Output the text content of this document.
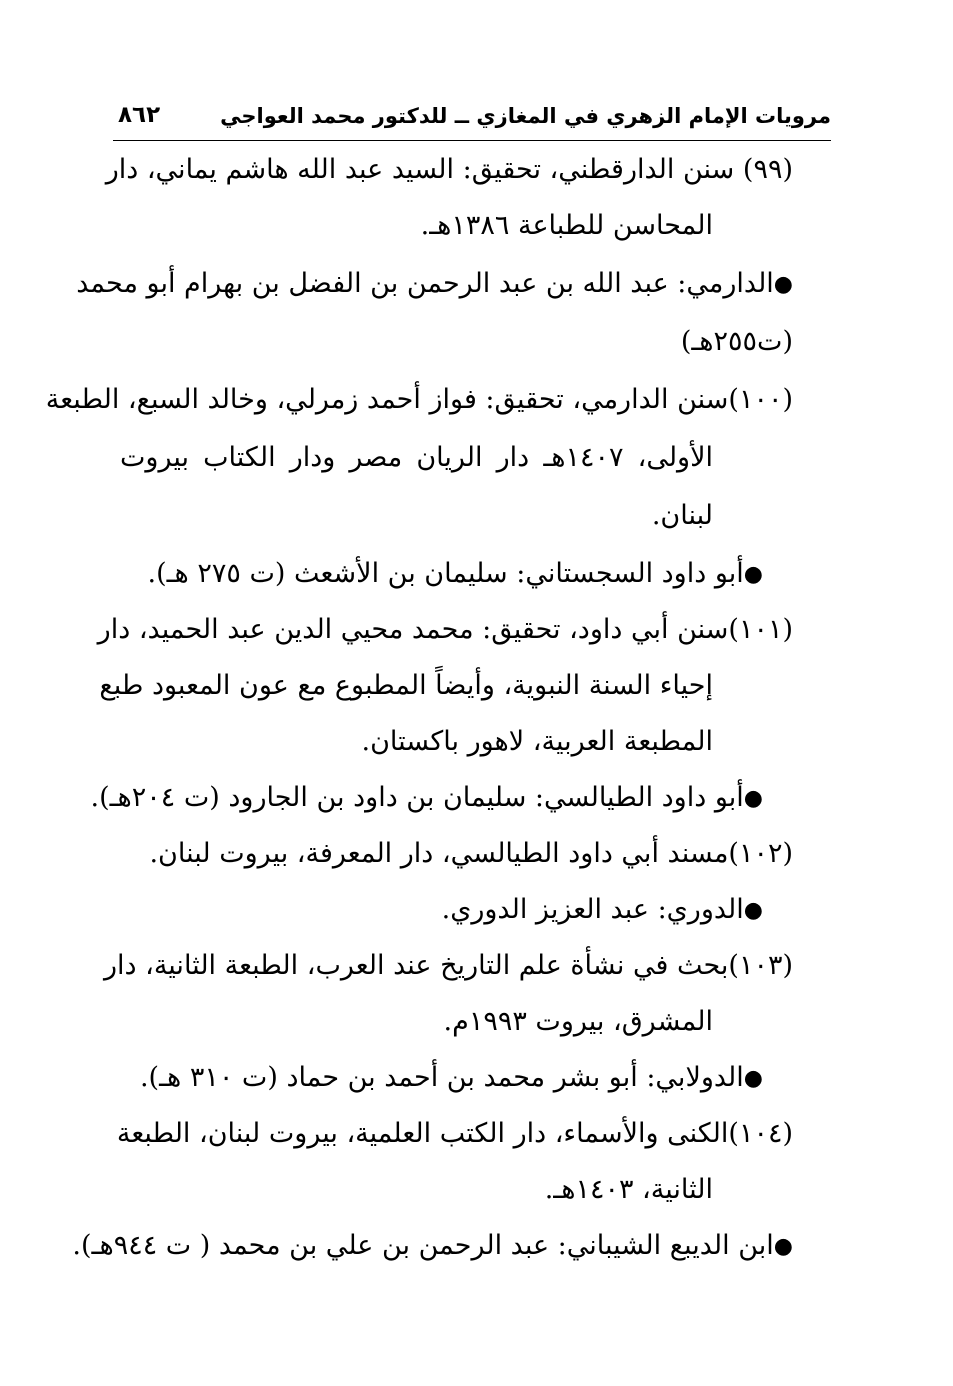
مرويات الإمام الزهري في المغازي ــ للدكتور محمد العواجي
٨٦٢
(٩٩) سنن الدارقطني، تحقيق: السيد عبد الله هاشم يماني، دار
المحاسن للطباعة ١٣٨٦هـ.
●الدارمي: عبد الله بن عبد الرحمن بن الفضل بن بهرام أبو محمد
(ت٢٥٥هـ)
(١٠٠)سنن الدارمي، تحقيق: فواز أحمد زمرلي، وخالد السبع، الطبعة
الأولى، ١٤٠٧هـ دار الريان مصر ودار الكتاب بيروت
لبنان.
●أبو داود السجستاني: سليمان بن الأشعث (ت ٢٧٥ هـ).
(١٠١)سنن أبي داود، تحقيق: محمد محيي الدين عبد الحميد، دار
إحياء السنة النبوية، وأيضاً المطبوع مع عون المعبود طبع
المطبعة العربية، لاهور باكستان.
●أبو داود الطيالسي: سليمان بن داود بن الجارود (ت ٢٠٤هـ).
(١٠٢)مسند أبي داود الطيالسي، دار المعرفة، بيروت لبنان.
●الدوري: عبد العزيز الدوري.
(١٠٣)بحث في نشأة علم التاريخ عند العرب، الطبعة الثانية، دار
المشرق، بيروت ١٩٩٣م.
●الدولابي: أبو بشر محمد بن أحمد بن حماد (ت ٣١٠ هـ).
(١٠٤)الكنى والأسماء، دار الكتب العلمية، بيروت لبنان، الطبعة
الثانية، ١٤٠٣هـ.
●ابن الديبع الشيباني: عبد الرحمن بن علي بن محمد ( ت ٩٤٤هـ).
